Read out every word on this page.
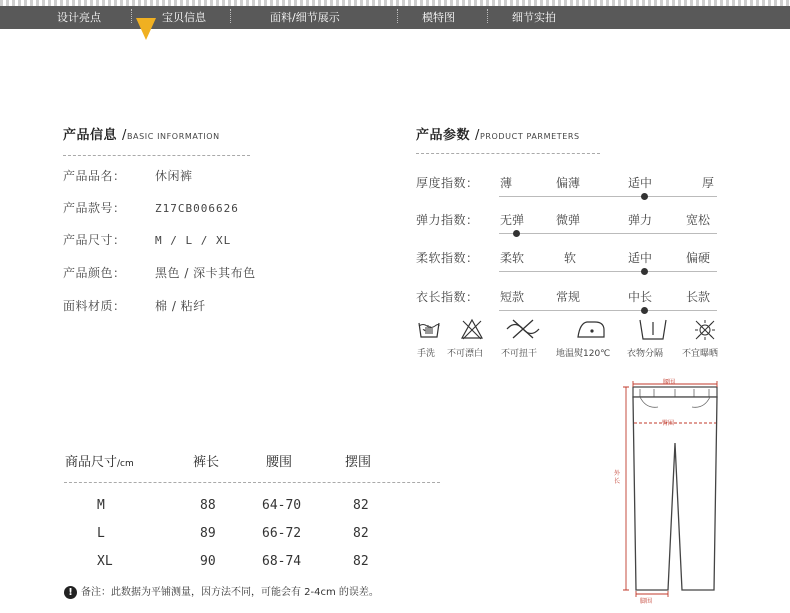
设计亮点	宝贝信息	面料/细节展示	模特图	细节实拍
产品信息 /BASIC INFORMATION
产品品名： 休闲裤
产品款号：	Z17CB006626
产品尺寸：	M / L / XL
产品颜色： 黑色 / 深卡其布色
面料材质： 棉 / 粘纤
产品参数 /PRODUCT PARMETERS
厚度指数： 薄	偏薄	适中	厚
弹力指数： 无弹	微弹	弹力	宽松
柔软指数： 柔软	软	适中	偏硬
衣长指数： 短款	常规	中长	长款
手洗 不可漂白 不可扭干 地温熨120℃ 衣物分隔 不宜曝晒
腰围
臀围
外长
脚围
商品尺寸/cm	裤长	腰围	摆围
M	88	64-70	82
L	89	66-72	82
XL	90	68-74	82
! 备注：此数据为平铺测量，因方法不同，可能会有 2-4cm 的误差。
